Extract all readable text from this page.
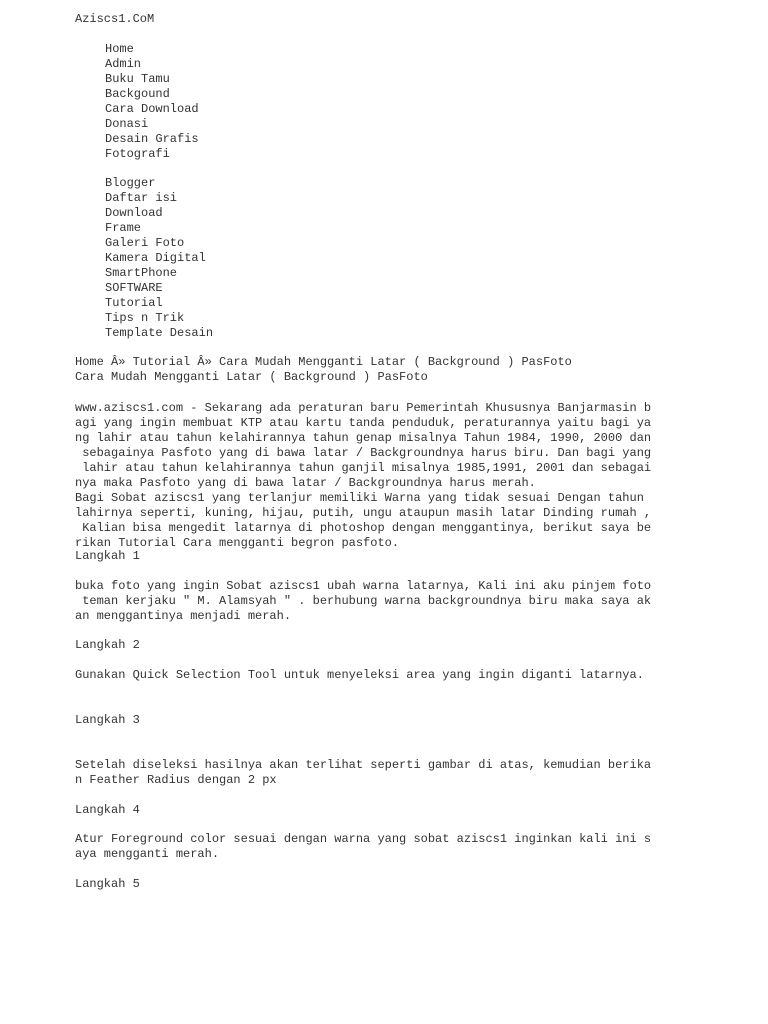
Aziscs1.CoM
Home
Admin
Buku Tamu
Backgound
Cara Download
Donasi
Desain Grafis
Fotografi
Blogger
Daftar isi
Download
Frame
Galeri Foto
Kamera Digital
SmartPhone
SOFTWARE
Tutorial
Tips n Trik
Template Desain
Home Â» Tutorial Â» Cara Mudah Mengganti Latar ( Background ) PasFoto
Cara Mudah Mengganti Latar ( Background ) PasFoto
www.aziscs1.com - Sekarang ada peraturan baru Pemerintah Khususnya Banjarmasin b
agi yang ingin membuat KTP atau kartu tanda penduduk, peraturannya yaitu bagi ya
ng lahir atau tahun kelahirannya tahun genap misalnya Tahun 1984, 1990, 2000 dan
sebagainya Pasfoto yang di bawa latar / Backgroundnya harus biru. Dan bagi yang
lahir atau tahun kelahirannya tahun ganjil misalnya 1985,1991, 2001 dan sebagai
nya maka Pasfoto yang di bawa latar / Backgroundnya harus merah.
Bagi Sobat aziscs1 yang terlanjur memiliki Warna yang tidak sesuai Dengan tahun
lahirnya seperti, kuning, hijau, putih, ungu ataupun masih latar Dinding rumah ,
Kalian bisa mengedit latarnya di photoshop dengan menggantinya, berikut saya be
rikan Tutorial Cara mengganti begron pasfoto.
Langkah 1
buka foto yang ingin Sobat aziscs1 ubah warna latarnya, Kali ini aku pinjem foto
teman kerjaku " M. Alamsyah " . berhubung warna backgroundnya biru maka saya ak
an menggantinya menjadi merah.
Langkah 2
Gunakan Quick Selection Tool untuk menyeleksi area yang ingin diganti latarnya.
Langkah 3
Setelah diseleksi hasilnya akan terlihat seperti gambar di atas, kemudian berika
n Feather Radius dengan 2 px
Langkah 4
Atur Foreground color sesuai dengan warna yang sobat aziscs1 inginkan kali ini s
aya mengganti merah.
Langkah 5
